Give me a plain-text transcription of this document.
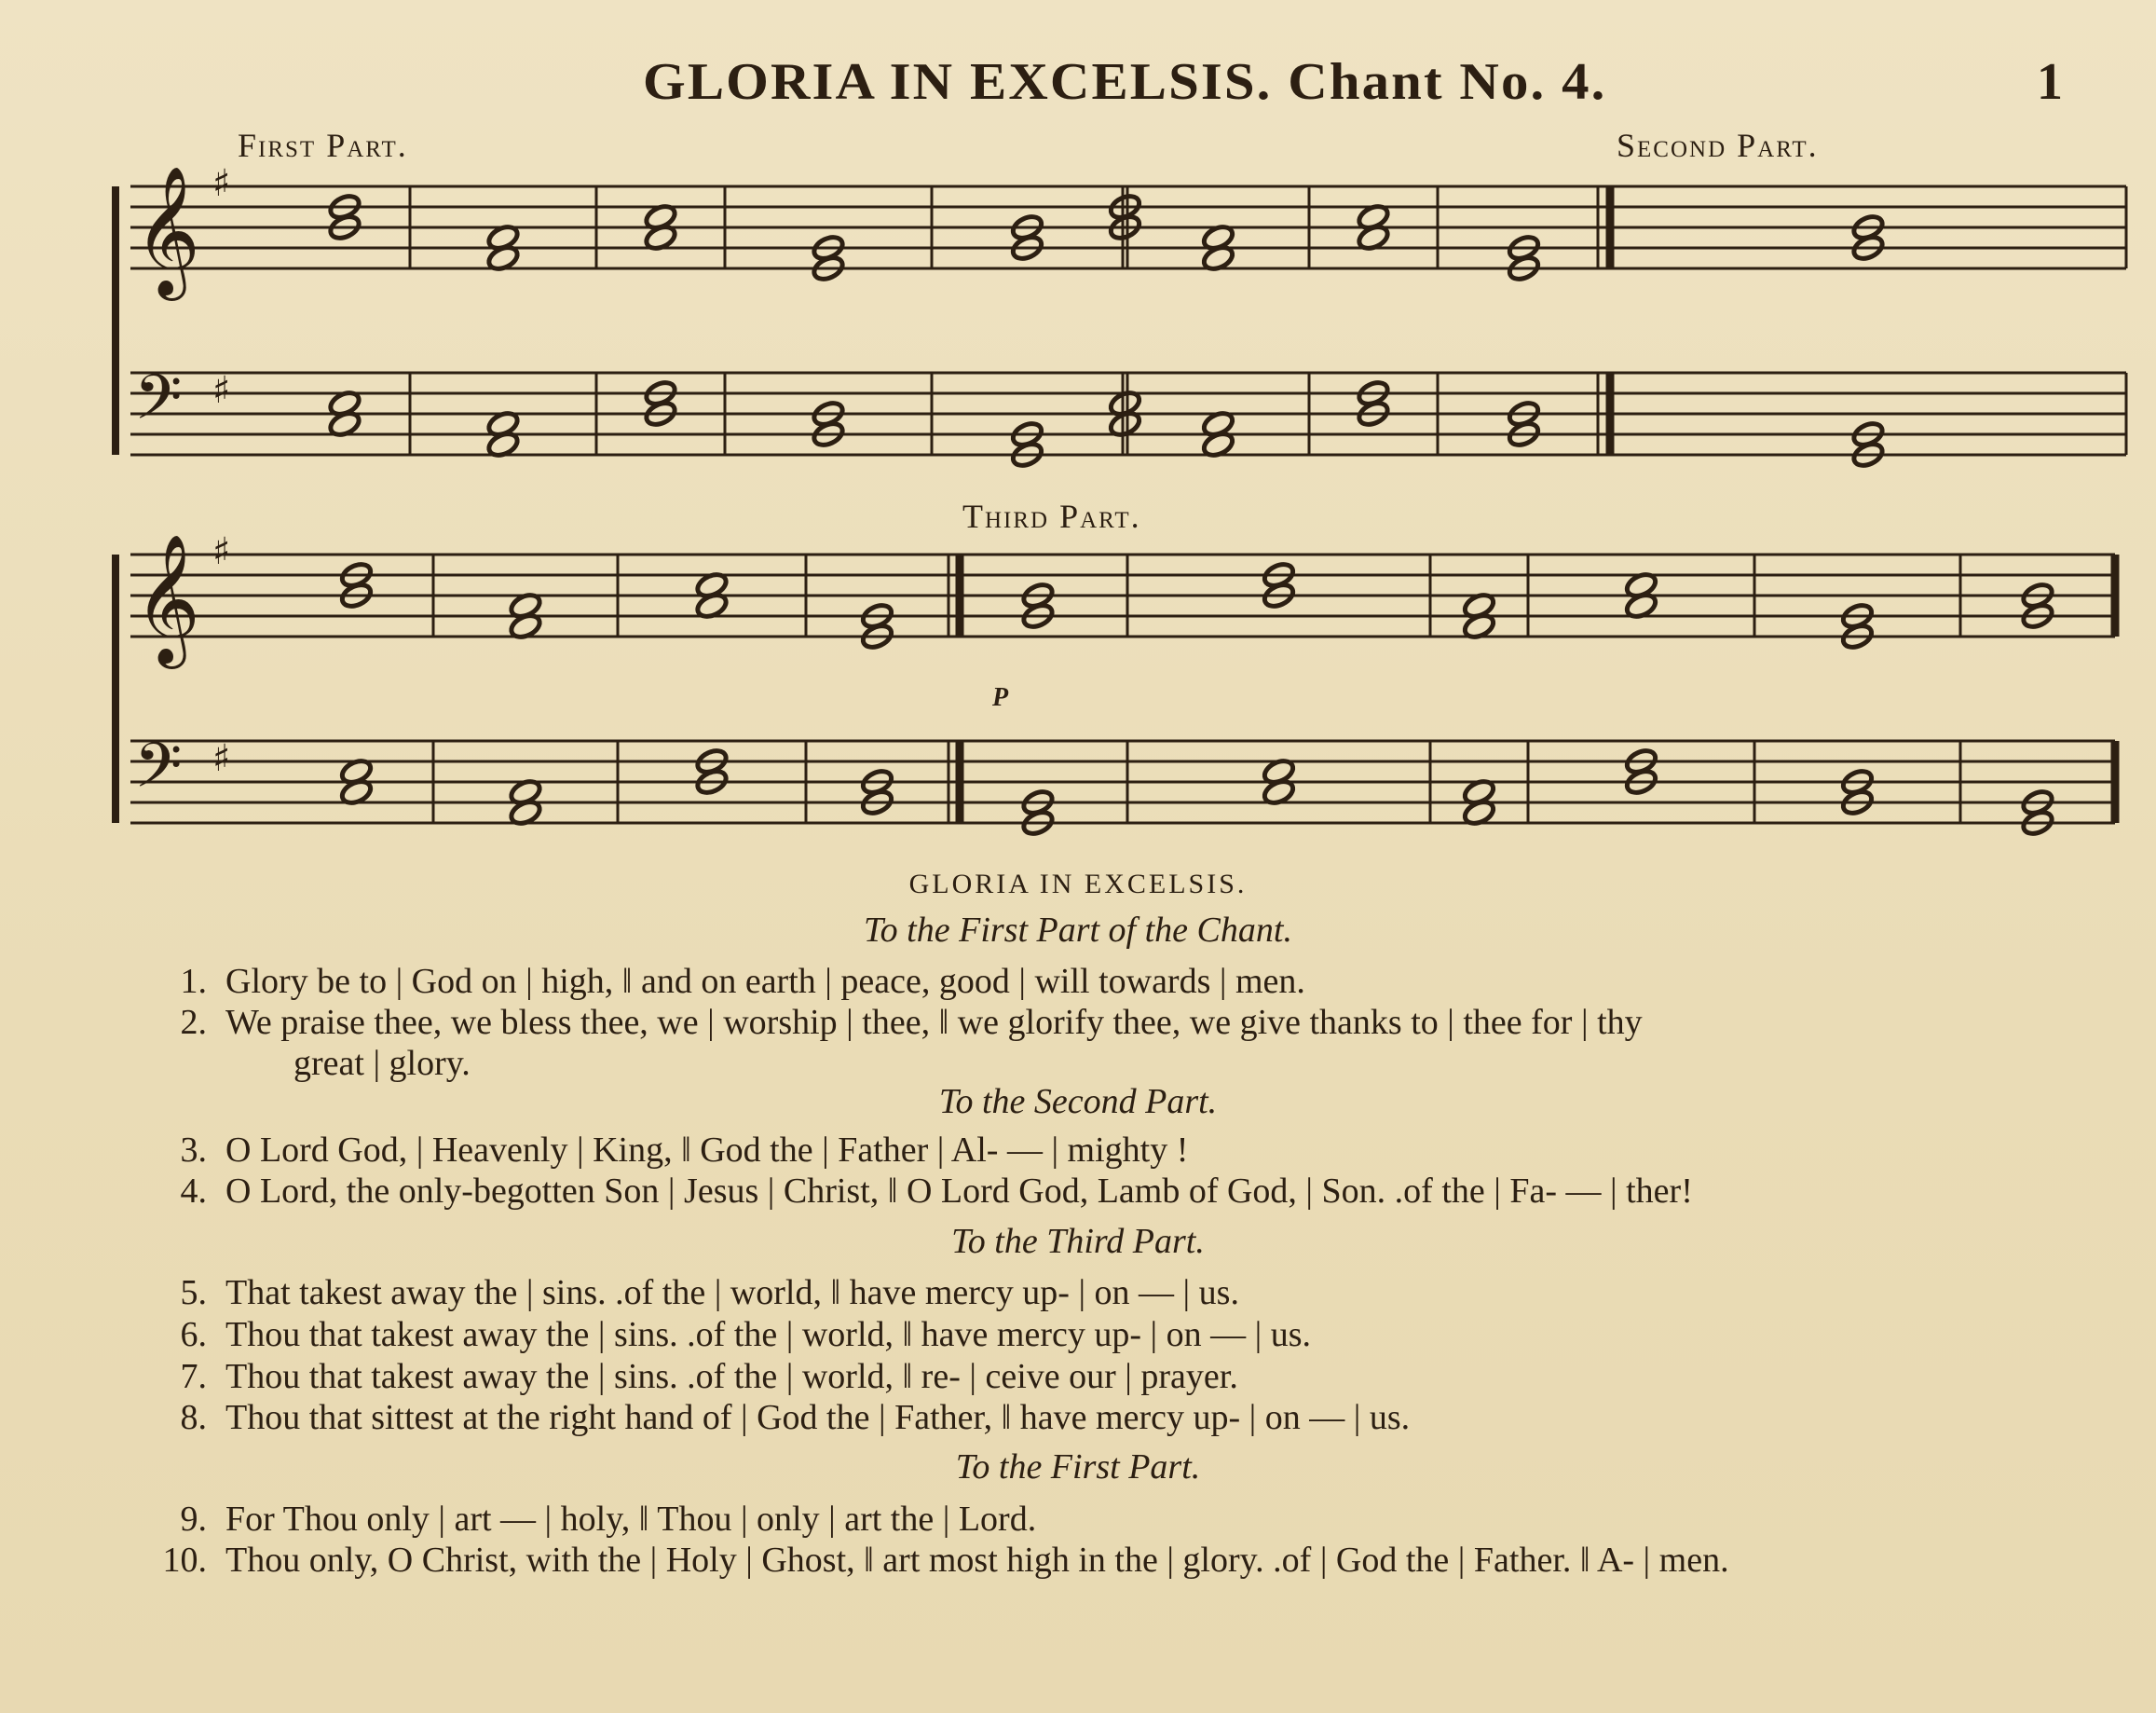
GLORIA IN EXCELSIS. Chant No. 4.	1
First Part.	Second Part.
Third Part.
p
𝄞 ♯
𝄢 ♯
𝄞 ♯
𝄢 ♯
GLORIA IN EXCELSIS.
To the First Part of the Chant.
1. Glory be to | God on | high, ‖ and on earth | peace, good | will towards | men.
2. We praise thee, we bless thee, we | worship | thee, ‖ we glorify thee, we give thanks to | thee for | thy
great | glory.
To the Second Part.
3. O Lord God, | Heavenly | King, ‖ God the | Father | Al- — | mighty !
4. O Lord, the only-begotten Son | Jesus | Christ, ‖ O Lord God, Lamb of God, | Son. .of the | Fa- — | ther!
To the Third Part.
5. That takest away the | sins. .of the | world, ‖ have mercy up- | on — | us.
6. Thou that takest away the | sins. .of the | world, ‖ have mercy up- | on — | us.
7. Thou that takest away the | sins. .of the | world, ‖ re- | ceive our | prayer.
8. Thou that sittest at the right hand of | God the | Father, ‖ have mercy up- | on — | us.
To the First Part.
9. For Thou only | art — | holy, ‖ Thou | only | art the | Lord.
10. Thou only, O Christ, with the | Holy | Ghost, ‖ art most high in the | glory. .of | God the | Father. ‖ A- | men.
